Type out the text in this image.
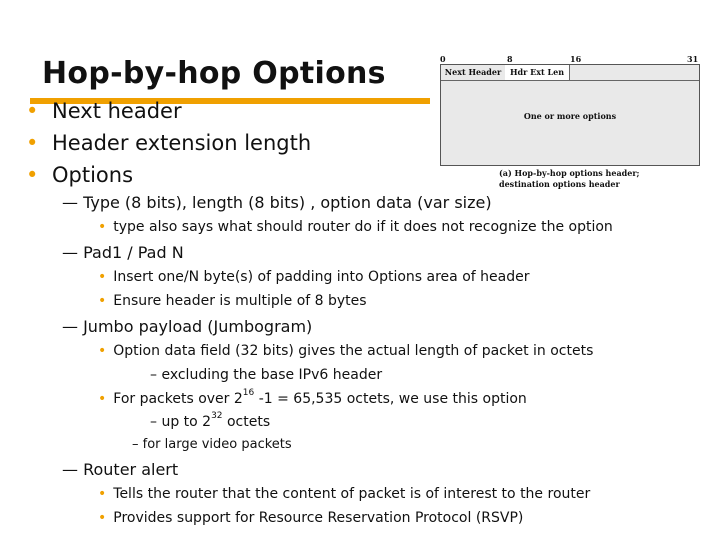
Hop-by-hop Options	0	8	16	31
Next Header	Hdr Ext Len
One or more options
(a) Hop-by-hop options header;
destination options header
• Next header
• Header extension length
• Options
— Type (8 bits), length (8 bits) , option data (var size)
• type also says what should router do if it does not recognize the option
— Pad1 / Pad N
• Insert one/N byte(s) of padding into Options area of header
• Ensure header is multiple of 8 bytes
— Jumbo payload (Jumbogram)
• Option data field (32 bits) gives the actual length of packet in octets
– excluding the base IPv6 header
• For packets over $2^{16}$ -1 = 65,535 octets, we use this option
– up to $2^{32}$ octets
– for large video packets
— Router alert
• Tells the router that the content of packet is of interest to the router
• Provides support for Resource Reservation Protocol (RSVP)
